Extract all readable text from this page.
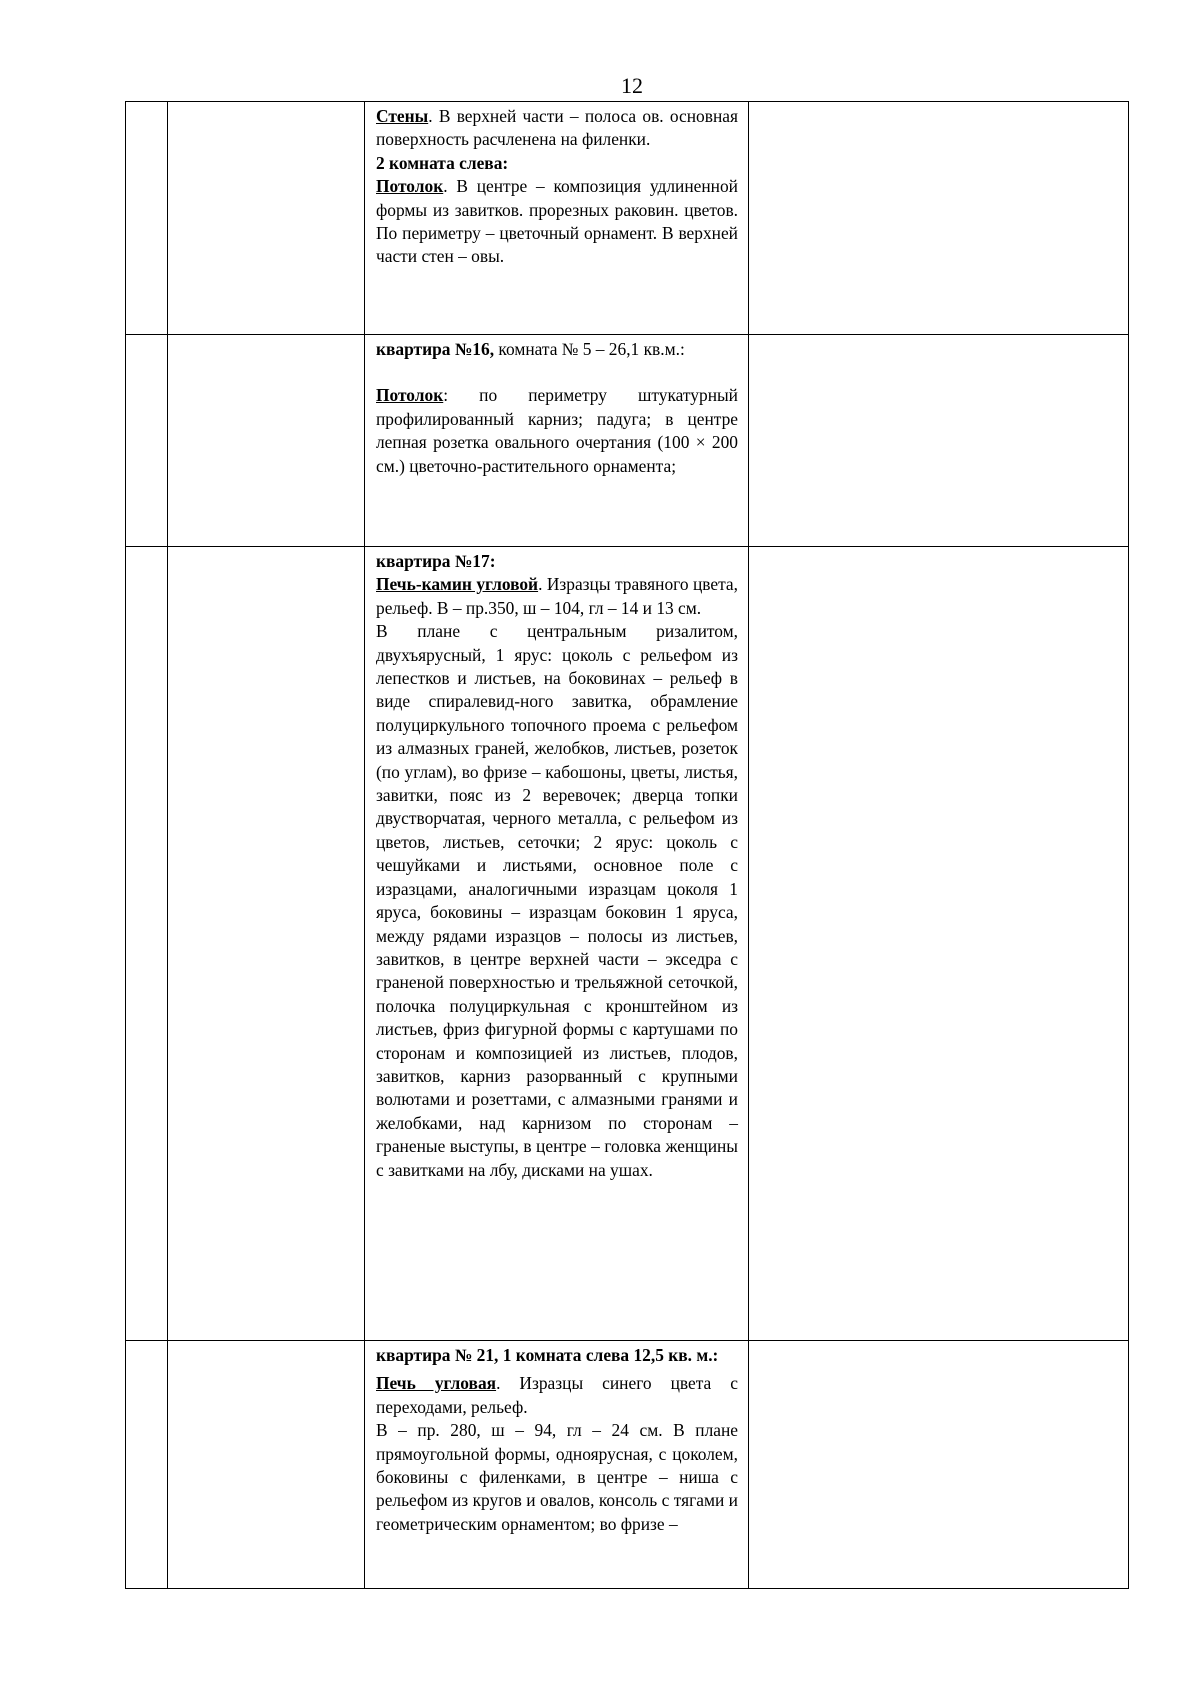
12

		Стены. В верхней части – полоса ов. основная поверхность расчленена на филенки.

2 комната слева:

Потолок. В центре – композиция удлиненной формы из завитков. прорезных раковин. цветов. По периметру – цветочный орнамент. В верхней части стен – овы.	

		квартира №16, комната № 5 – 26,1 кв.м.:

Потолок: по периметру штукатурный профилированный карниз; падуга; в центре лепная розетка овального очертания (100 × 200 см.) цветочно-растительного орнамента;	

		квартира №17:

Печь-камин угловой. Изразцы травяного цвета, рельеф. В – пр.350, ш – 104, гл – 14 и 13 см.

В плане с центральным ризалитом, двухъярусный, 1 ярус: цоколь с рельефом из лепестков и листьев, на боковинах – рельеф в виде спиралевид-ного завитка, обрамление полуциркульного топочного проема с рельефом из алмазных граней, желобков, листьев, розеток (по углам), во фризе – кабошоны, цветы, листья, завитки, пояс из 2 веревочек; дверца топки двустворчатая, черного металла, с рельефом из цветов, листьев, сеточки; 2 ярус: цоколь с чешуйками и листьями, основное поле с изразцами, аналогичными изразцам цоколя 1 яруса, боковины – изразцам боковин 1 яруса, между рядами изразцов – полосы из листьев, завитков, в центре верхней части – экседра с граненой поверхностью и трельяжной сеточкой, полочка полуциркульная с кронштейном из листьев, фриз фигурной формы с картушами по сторонам и композицией из листьев, плодов, завитков, карниз разорванный с крупными волютами и розеттами, с алмазными гранями и желобками, над карнизом по сторонам – граненые выступы, в центре – головка женщины с завитками на лбу, дисками на ушах.	

		квартира № 21, 1 комната слева 12,5 кв. м.:

Печь угловая. Изразцы синего цвета с переходами, рельеф.

В – пр. 280, ш – 94, гл – 24 см. В плане прямоугольной формы, одноярусная, с цоколем, боковины с филенками, в центре – ниша с рельефом из кругов и овалов, консоль с тягами и геометрическим орнаментом; во фризе –	
